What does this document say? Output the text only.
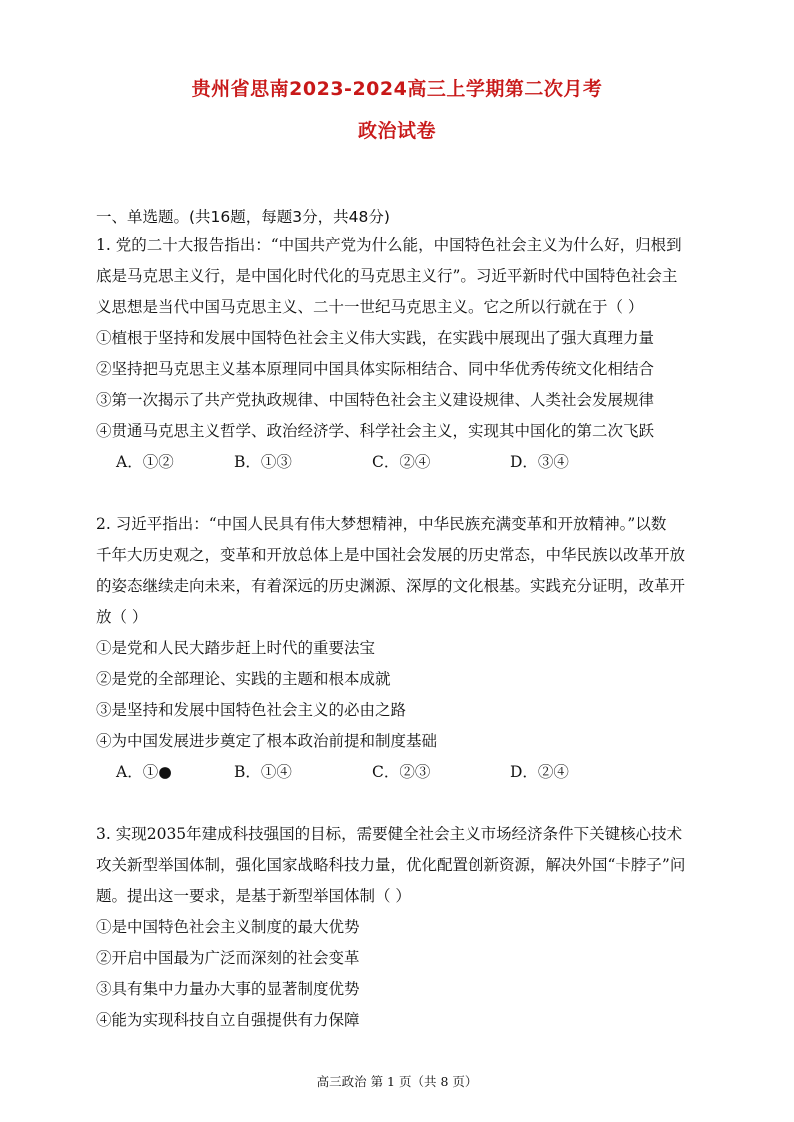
贵州省思南2023-2024高三上学期第二次月考
政治试卷
一、单选题。(共16题，每题3分，共48分)

1. 党的二十大报告指出：“中国共产党为什么能，中国特色社会主义为什么好，归根到

底是马克思主义行，是中国化时代化的马克思主义行”。习近平新时代中国特色社会主

义思想是当代中国马克思主义、二十一世纪马克思主义。它之所以行就在于（ ）

①植根于坚持和发展中国特色社会主义伟大实践，在实践中展现出了强大真理力量

②坚持把马克思主义基本原理同中国具体实际相结合、同中华优秀传统文化相结合

③第一次揭示了共产党执政规律、中国特色社会主义建设规律、人类社会发展规律

④贯通马克思主义哲学、政治经济学、科学社会主义，实现其中国化的第二次飞跃

A．①②	B．①③	C．②④	D．③④

2. 习近平指出：“中国人民具有伟大梦想精神，中华民族充满变革和开放精神。”以数

千年大历史观之，变革和开放总体上是中国社会发展的历史常态，中华民族以改革开放

的姿态继续走向未来，有着深远的历史渊源、深厚的文化根基。实践充分证明，改革开

放（ ）

①是党和人民大踏步赶上时代的重要法宝

②是党的全部理论、实践的主题和根本成就

③是坚持和发展中国特色社会主义的必由之路

④为中国发展进步奠定了根本政治前提和制度基础

A．①●	B．①④	C．②③	D．②④

3. 实现2035年建成科技强国的目标，需要健全社会主义市场经济条件下关键核心技术

攻关新型举国体制，强化国家战略科技力量，优化配置创新资源，解决外国“卡脖子”问

题。提出这一要求，是基于新型举国体制（ ）

①是中国特色社会主义制度的最大优势

②开启中国最为广泛而深刻的社会变革

③具有集中力量办大事的显著制度优势

④能为实现科技自立自强提供有力保障

高三政治 第 1 页（共 8 页）
